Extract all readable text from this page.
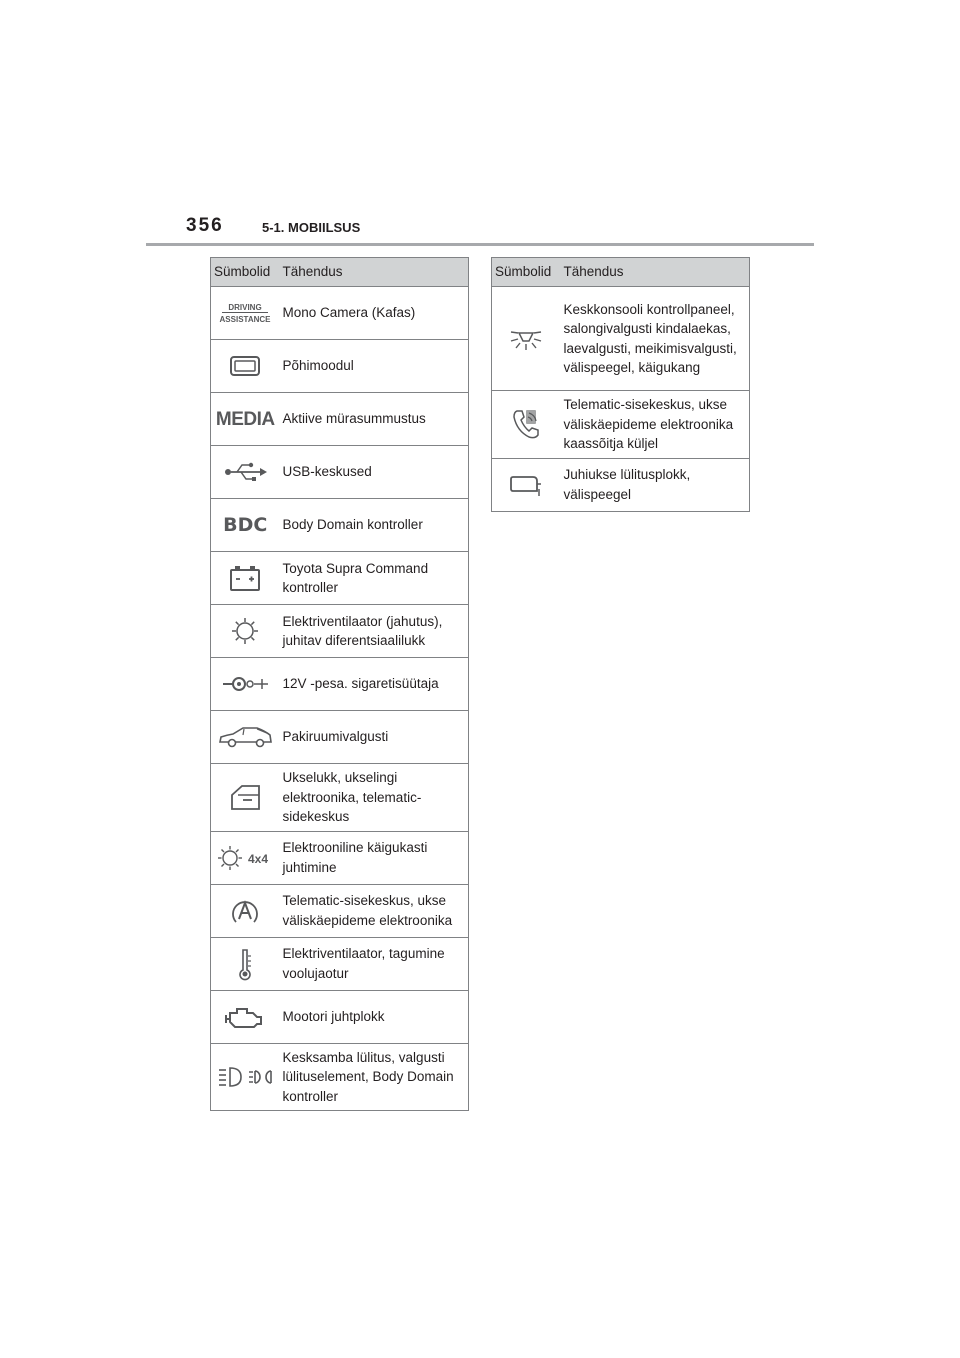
356	5-1. MOBIILSUS
Sümbolid	Tähendus

DRIVING
ASSISTANCE	Mono Camera (Kafas)

	Põhimoodul
MEDIA	Aktiive mürasummustus

	USB-keskused
BDC	Body Domain kontroller

	Toyota Supra Command kontroller

	Elektriventilaator (jahutus), juhitav diferentsiaalilukk

	12V -pesa. sigaretisüütaja

	Pakiruumivalgusti

	Ukselukk, ukselingi elektroonika, telematic-sidekeskus

4x4	Elektrooniline käigukasti juhtimine

	Telematic-sisekeskus, ukse väliskäepideme elektroonika

	Elektriventilaator, tagumine voolujaotur

	Mootori juhtplokk

	Kesksamba lülitus, valgusti lülituselement, Body Domain kontroller
Sümbolid	Tähendus

	Keskkonsooli kontrollpaneel, salongivalgusti kindalaekas, laevalgusti, meikimisvalgusti, välispeegel, käigukang

	Telematic-sisekeskus, ukse väliskäepideme elektroonika kaassõitja küljel

	Juhiukse lülitusplokk, välispeegel
